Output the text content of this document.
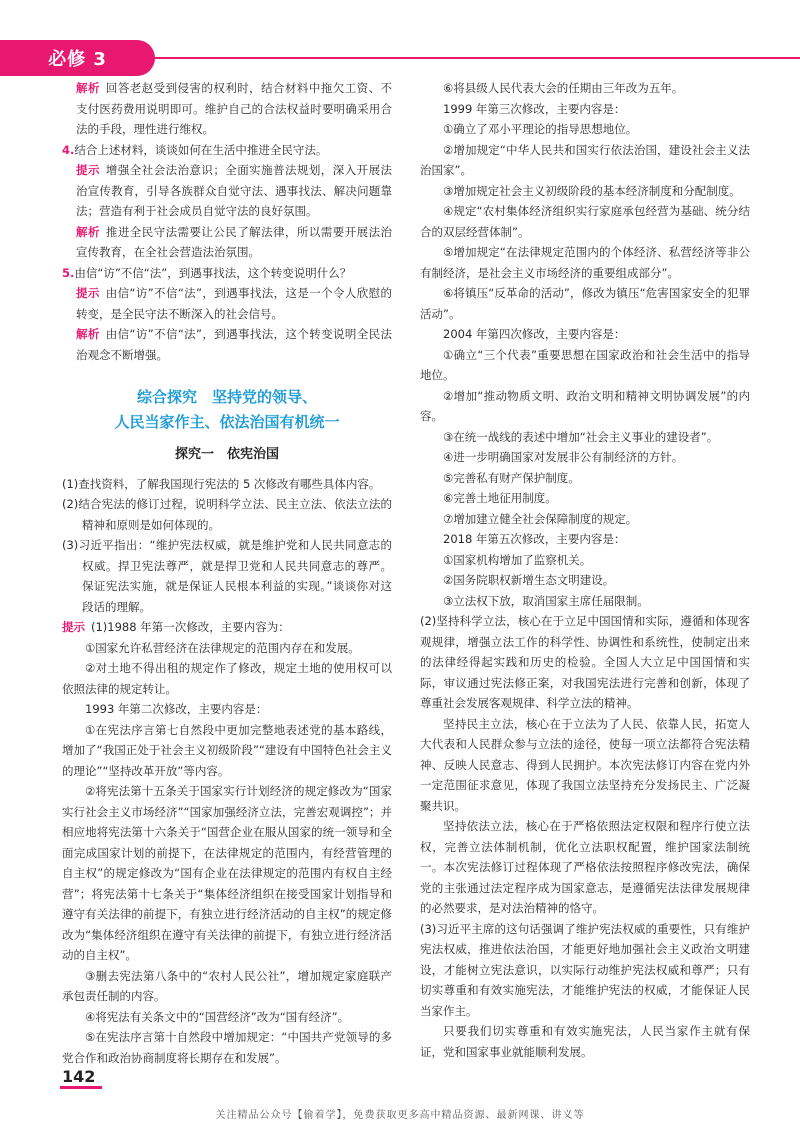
必修 3

解析 回答老赵受到侵害的权利时，结合材料中拖欠工资、不支付医药费用说明即可。维护自己的合法权益时要明确采用合法的手段，理性进行维权。

4.结合上述材料，谈谈如何在生活中推进全民守法。

提示 增强全社会法治意识；全面实施普法规划，深入开展法治宣传教育，引导各族群众自觉守法、遇事找法、解决问题靠法；营造有利于社会成员自觉守法的良好氛围。

解析 推进全民守法需要让公民了解法律，所以需要开展法治宣传教育，在全社会营造法治氛围。

5.由信“访”不信“法”，到遇事找法，这个转变说明什么？

提示 由信“访”不信“法”，到遇事找法，这是一个令人欣慰的转变，是全民守法不断深入的社会信号。

解析 由信“访”不信“法”，到遇事找法，这个转变说明全民法治观念不断增强。

综合探究　坚持党的领导、
人民当家作主、依法治国有机统一
探究一　依宪治国

(1)查找资料，了解我国现行宪法的 5 次修改有哪些具体内容。

(2)结合宪法的修订过程，说明科学立法、民主立法、依法立法的精神和原则是如何体现的。

(3)习近平指出：“维护宪法权威，就是维护党和人民共同意志的权威。捍卫宪法尊严，就是捍卫党和人民共同意志的尊严。保证宪法实施，就是保证人民根本利益的实现。”谈谈你对这段话的理解。

提示 (1)1988 年第一次修改，主要内容为：

①国家允许私营经济在法律规定的范围内存在和发展。

②对土地不得出租的规定作了修改，规定土地的使用权可以依照法律的规定转让。

1993 年第二次修改，主要内容是：

①在宪法序言第七自然段中更加完整地表述党的基本路线，增加了“我国正处于社会主义初级阶段”“建设有中国特色社会主义的理论”“坚持改革开放”等内容。

②将宪法第十五条关于国家实行计划经济的规定修改为“国家实行社会主义市场经济”“国家加强经济立法，完善宏观调控”；并相应地将宪法第十六条关于“国营企业在服从国家的统一领导和全面完成国家计划的前提下，在法律规定的范围内，有经营管理的自主权”的规定修改为“国有企业在法律规定的范围内有权自主经营”；将宪法第十七条关于“集体经济组织在接受国家计划指导和遵守有关法律的前提下，有独立进行经济活动的自主权”的规定修改为“集体经济组织在遵守有关法律的前提下，有独立进行经济活动的自主权”。

③删去宪法第八条中的“农村人民公社”，增加规定家庭联产承包责任制的内容。

④将宪法有关条文中的“国营经济”改为“国有经济”。

⑤在宪法序言第十自然段中增加规定：“中国共产党领导的多党合作和政治协商制度将长期存在和发展”。

⑥将县级人民代表大会的任期由三年改为五年。

1999 年第三次修改，主要内容是：

①确立了邓小平理论的指导思想地位。

②增加规定“中华人民共和国实行依法治国，建设社会主义法治国家”。

③增加规定社会主义初级阶段的基本经济制度和分配制度。

④规定“农村集体经济组织实行家庭承包经营为基础、统分结合的双层经营体制”。

⑤增加规定“在法律规定范围内的个体经济、私营经济等非公有制经济，是社会主义市场经济的重要组成部分”。

⑥将镇压“反革命的活动”，修改为镇压“危害国家安全的犯罪活动”。

2004 年第四次修改，主要内容是：

①确立“三个代表”重要思想在国家政治和社会生活中的指导地位。

②增加“推动物质文明、政治文明和精神文明协调发展”的内容。

③在统一战线的表述中增加“社会主义事业的建设者”。

④进一步明确国家对发展非公有制经济的方针。

⑤完善私有财产保护制度。

⑥完善土地征用制度。

⑦增加建立健全社会保障制度的规定。

2018 年第五次修改，主要内容是：

①国家机构增加了监察机关。

②国务院职权新增生态文明建设。

③立法权下放，取消国家主席任届限制。

(2)坚持科学立法，核心在于立足中国国情和实际，遵循和体现客观规律，增强立法工作的科学性、协调性和系统性，使制定出来的法律经得起实践和历史的检验。全国人大立足中国国情和实际，审议通过宪法修正案，对我国宪法进行完善和创新，体现了尊重社会发展客观规律、科学立法的精神。

坚持民主立法，核心在于立法为了人民、依靠人民，拓宽人大代表和人民群众参与立法的途径，使每一项立法都符合宪法精神、反映人民意志、得到人民拥护。本次宪法修订内容在党内外一定范围征求意见，体现了我国立法坚持充分发扬民主、广泛凝聚共识。

坚持依法立法，核心在于严格依照法定权限和程序行使立法权，完善立法体制机制，优化立法职权配置，维护国家法制统一。本次宪法修订过程体现了严格依法按照程序修改宪法，确保党的主张通过法定程序成为国家意志，是遵循宪法法律发展规律的必然要求，是对法治精神的恪守。

(3)习近平主席的这句话强调了维护宪法权威的重要性，只有维护宪法权威，推进依法治国，才能更好地加强社会主义政治文明建设，才能树立宪法意识，以实际行动维护宪法权威和尊严；只有切实尊重和有效实施宪法，才能维护宪法的权威，才能保证人民当家作主。

只要我们切实尊重和有效实施宪法，人民当家作主就有保证，党和国家事业就能顺利发展。

142
关注精品公众号【偷着学】，免费获取更多高中精品资源、最新网课、讲义等
